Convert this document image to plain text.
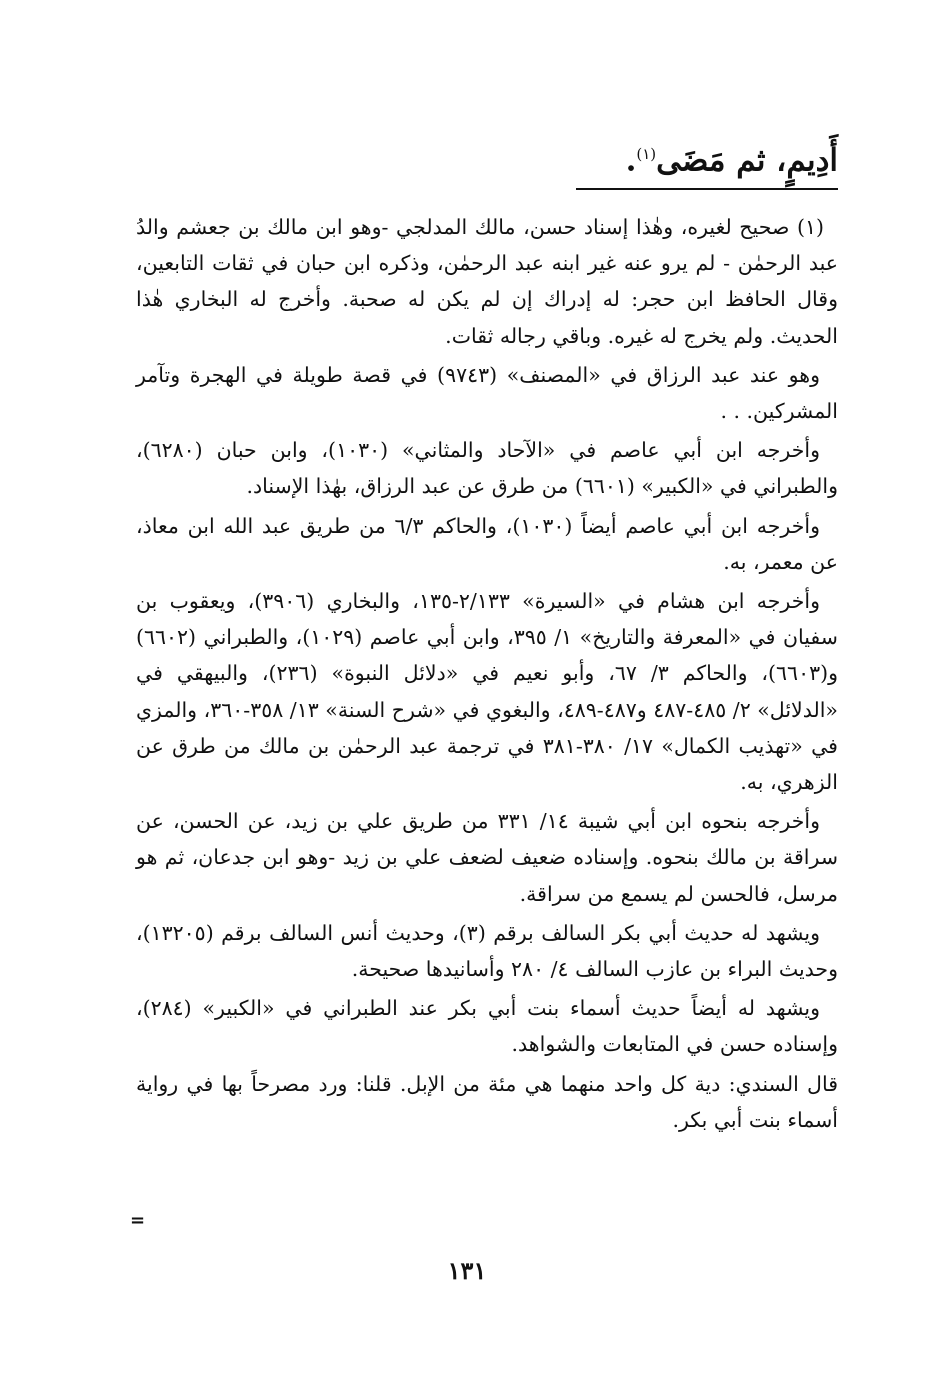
أَدِيمٍ، ثم مَضَى$^{(١)}$.

(١) صحيح لغيره، وهٰذا إسناد حسن، مالك المدلجي -وهو ابن مالك بن جعشم والدُ عبد الرحمٰن - لم يرو عنه غير ابنه عبد الرحمٰن، وذكره ابن حبان في ثقات التابعين، وقال الحافظ ابن حجر: له إدراك إن لم يكن له صحبة. وأخرج له البخاري هٰذا الحديث. ولم يخرج له غيره. وباقي رجاله ثقات.

وهو عند عبد الرزاق في «المصنف» (٩٧٤٣) في قصة طويلة في الهجرة وتآمر المشركين. . .

وأخرجه ابن أبي عاصم في «الآحاد والمثاني» (١٠٣٠)، وابن حبان (٦٢٨٠)، والطبراني في «الكبير» (٦٦٠١) من طرق عن عبد الرزاق، بهٰذا الإسناد.

وأخرجه ابن أبي عاصم أيضاً (١٠٣٠)، والحاكم ٦/٣ من طريق عبد الله ابن معاذ، عن معمر، به.

وأخرجه ابن هشام في «السيرة» ٢/١٣٣-١٣٥، والبخاري (٣٩٠٦)، ويعقوب بن سفيان في «المعرفة والتاريخ» ١/ ٣٩٥، وابن أبي عاصم (١٠٢٩)، والطبراني (٦٦٠٢) و(٦٦٠٣)، والحاكم ٣/ ٦٧، وأبو نعيم في «دلائل النبوة» (٢٣٦)، والبيهقي في «الدلائل» ٢/ ٤٨٥-٤٨٧ و٤٨٧-٤٨٩، والبغوي في «شرح السنة» ١٣/ ٣٥٨-٣٦٠، والمزي في «تهذيب الكمال» ١٧/ ٣٨٠-٣٨١ في ترجمة عبد الرحمٰن بن مالك من طرق عن الزهري، به.

وأخرجه بنحوه ابن أبي شيبة ١٤/ ٣٣١ من طريق علي بن زيد، عن الحسن، عن سراقة بن مالك بنحوه. وإسناده ضعيف لضعف علي بن زيد -وهو ابن جدعان، ثم هو مرسل، فالحسن لم يسمع من سراقة.

ويشهد له حديث أبي بكر السالف برقم (٣)، وحديث أنس السالف برقم (١٣٢٠٥)، وحديث البراء بن عازب السالف ٤/ ٢٨٠ وأسانيدها صحيحة.

ويشهد له أيضاً حديث أسماء بنت أبي بكر عند الطبراني في «الكبير» (٢٨٤)، وإسناده حسن في المتابعات والشواهد.

قال السندي: دية كل واحد منهما هي مئة من الإبل. قلنا: ورد مصرحاً بها في رواية أسماء بنت أبي بكر.

=
١٣١
